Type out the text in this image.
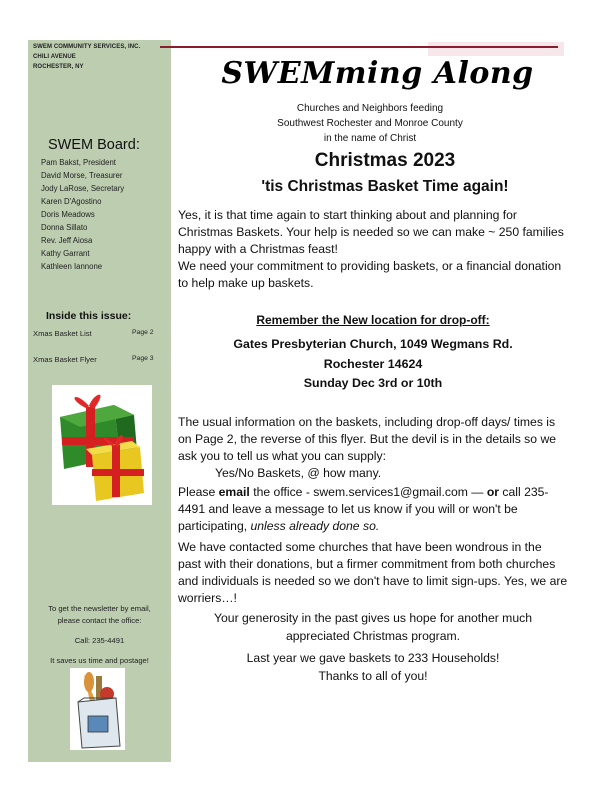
SWEM COMMUNITY SERVICES, INC.
CHILI AVENUE
ROCHESTER, NY
SWEM Board:
Pam Bakst, President
David Morse, Treasurer
Jody LaRose, Secretary
Karen D'Agostino
Doris Meadows
Donna Sillato
Rev. Jeff Aiosa
Kathy Garrant
Kathleen Iannone
Inside this issue:
Xmas Basket List	Page 2
Xmas Basket Flyer	Page 3
To get the newsletter by email,
please contact the office:
Call: 235-4491
It saves us time and postage!
SWEMming Along
Churches and Neighbors feeding
Southwest Rochester and Monroe County
in the name of Christ
Christmas 2023
'tis Christmas Basket Time again!

Yes, it is that time again to start thinking about and planning for Christmas Baskets. Your help is needed so we can make ~ 250 families happy with a Christmas feast!

We need your commitment to providing baskets, or a financial donation to help make up baskets.

Remember the New location for drop-off:
Gates Presbyterian Church, 1049 Wegmans Rd.
Rochester 14624
Sunday Dec 3rd or 10th

The usual information on the baskets, including drop-off days/ times is on Page 2, the reverse of this flyer. But the devil is in the details so we ask you to tell us what you can supply:

Yes/No Baskets, @ how many.

Please email the office - swem.services1@gmail.com — or call 235-4491 and leave a message to let us know if you will or won't be participating, unless already done so.

We have contacted some churches that have been wondrous in the past with their donations, but a firmer commitment from both churches and individuals is needed so we don't have to limit sign-ups. Yes, we are worriers…!

Your generosity in the past gives us hope for another much
appreciated Christmas program.
Last year we gave baskets to 233 Households!
Thanks to all of you!
